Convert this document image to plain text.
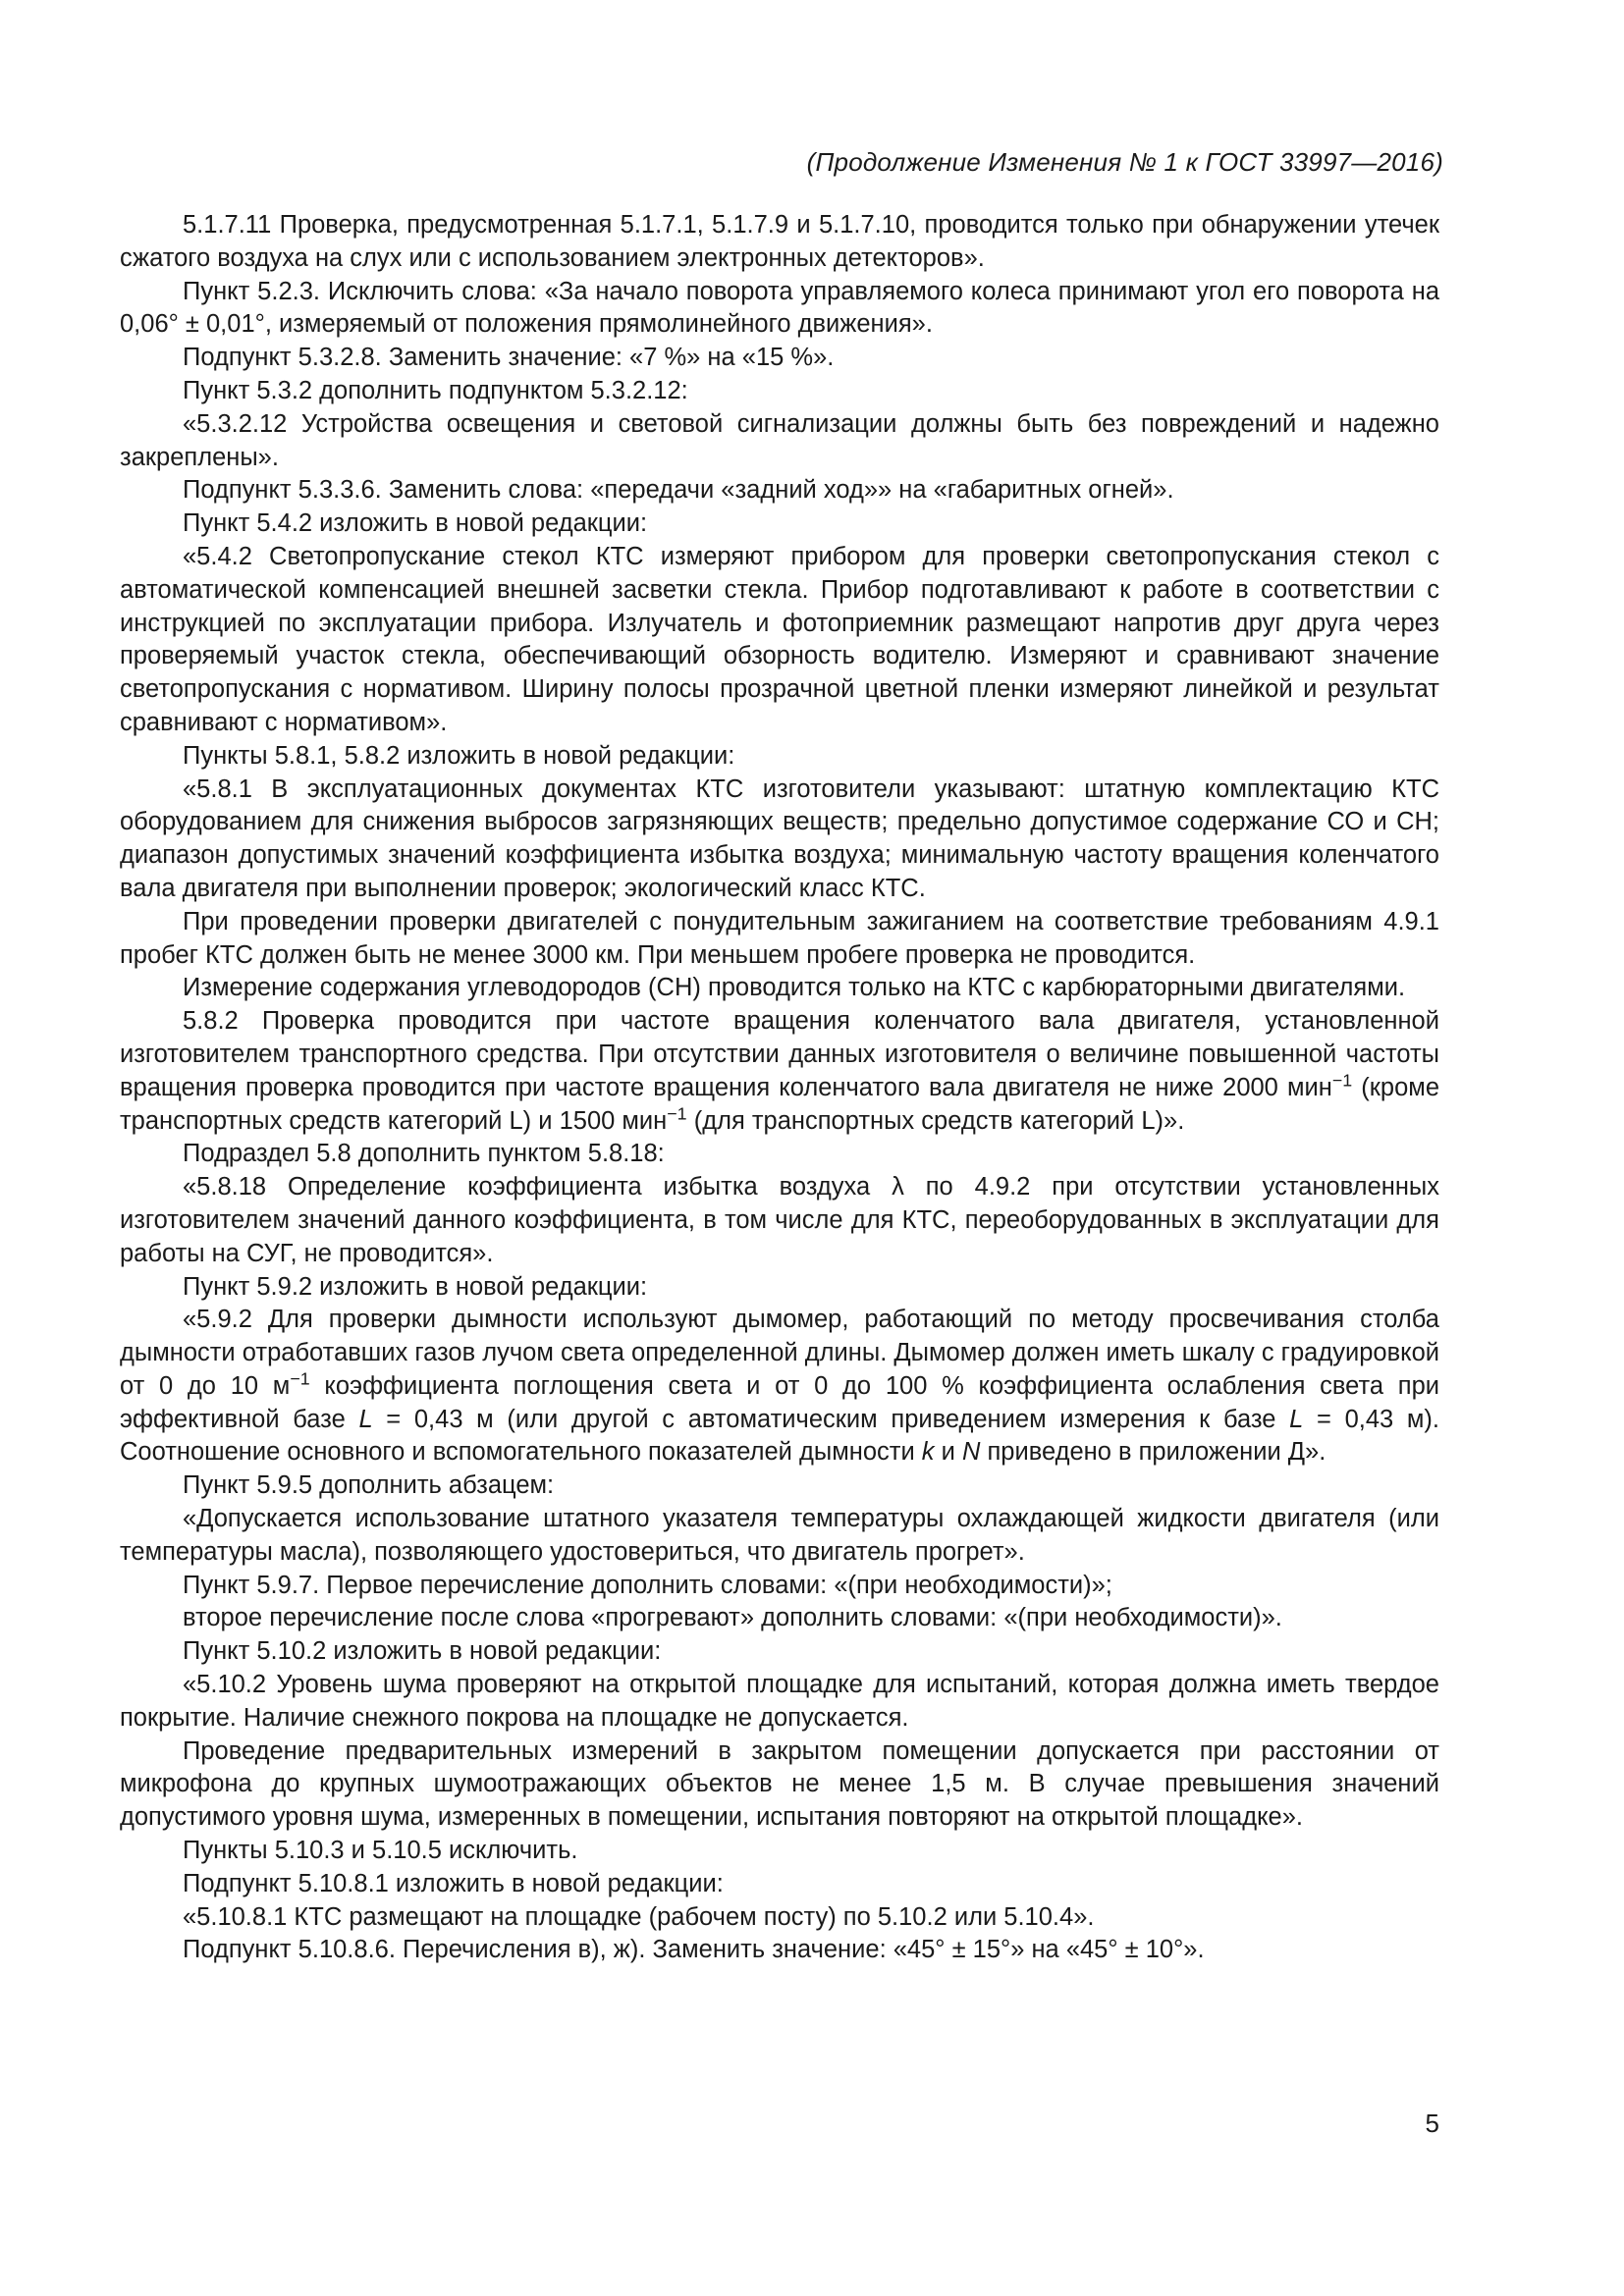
(Продолжение Изменения № 1 к ГОСТ 33997—2016)

5.1.7.11 Проверка, предусмотренная 5.1.7.1, 5.1.7.9 и 5.1.7.10, проводится только при обнаружении утечек сжатого воздуха на слух или с использованием электронных детекторов».

Пункт 5.2.3. Исключить слова: «За начало поворота управляемого колеса принимают угол его поворота на 0,06° ± 0,01°, измеряемый от положения прямолинейного движения».

Подпункт 5.3.2.8. Заменить значение: «7 %» на «15 %».

Пункт 5.3.2 дополнить подпунктом 5.3.2.12:

«5.3.2.12 Устройства освещения и световой сигнализации должны быть без повреждений и надежно закреплены».

Подпункт 5.3.3.6. Заменить слова: «передачи «задний ход»» на «габаритных огней».

Пункт 5.4.2 изложить в новой редакции:

«5.4.2 Светопропускание стекол КТС измеряют прибором для проверки светопропускания стекол с автоматической компенсацией внешней засветки стекла. Прибор подготавливают к работе в соответствии с инструкцией по эксплуатации прибора. Излучатель и фотоприемник размещают напротив друг друга через проверяемый участок стекла, обеспечивающий обзорность водителю. Измеряют и сравнивают значение светопропускания с нормативом. Ширину полосы прозрачной цветной пленки измеряют линейкой и результат сравнивают с нормативом».

Пункты 5.8.1, 5.8.2 изложить в новой редакции:

«5.8.1 В эксплуатационных документах КТС изготовители указывают: штатную комплектацию КТС оборудованием для снижения выбросов загрязняющих веществ; предельно допустимое содержание СО и СН; диапазон допустимых значений коэффициента избытка воздуха; минимальную частоту вращения коленчатого вала двигателя при выполнении проверок; экологический класс КТС.

При проведении проверки двигателей с понудительным зажиганием на соответствие требованиям 4.9.1 пробег КТС должен быть не менее 3000 км. При меньшем пробеге проверка не проводится.

Измерение содержания углеводородов (СН) проводится только на КТС с карбюраторными двигателями.

5.8.2 Проверка проводится при частоте вращения коленчатого вала двигателя, установленной изготовителем транспортного средства. При отсутствии данных изготовителя о величине повышенной частоты вращения проверка проводится при частоте вращения коленчатого вала двигателя не ниже 2000 мин$^{-1}$ (кроме транспортных средств категорий L) и 1500 мин$^{-1}$ (для транспортных средств категорий L)».

Подраздел 5.8 дополнить пунктом 5.8.18:

«5.8.18 Определение коэффициента избытка воздуха λ по 4.9.2 при отсутствии установленных изготовителем значений данного коэффициента, в том числе для КТС, переоборудованных в эксплуатации для работы на СУГ, не проводится».

Пункт 5.9.2 изложить в новой редакции:

«5.9.2 Для проверки дымности используют дымомер, работающий по методу просвечивания столба дымности отработавших газов лучом света определенной длины. Дымомер должен иметь шкалу с градуировкой от 0 до 10 $м^{-1}$ коэффициента поглощения света и от 0 до 100 % коэффициента ослабления света при эффективной базе L = 0,43 м (или другой с автоматическим приведением измерения к базе L = 0,43 м). Соотношение основного и вспомогательного показателей дымности k и N приведено в приложении Д».

Пункт 5.9.5 дополнить абзацем:

«Допускается использование штатного указателя температуры охлаждающей жидкости двигателя (или температуры масла), позволяющего удостовериться, что двигатель прогрет».

Пункт 5.9.7. Первое перечисление дополнить словами: «(при необходимости)»;

второе перечисление после слова «прогревают» дополнить словами: «(при необходимости)».

Пункт 5.10.2 изложить в новой редакции:

«5.10.2 Уровень шума проверяют на открытой площадке для испытаний, которая должна иметь твердое покрытие. Наличие снежного покрова на площадке не допускается.

Проведение предварительных измерений в закрытом помещении допускается при расстоянии от микрофона до крупных шумоотражающих объектов не менее 1,5 м. В случае превышения значений допустимого уровня шума, измеренных в помещении, испытания повторяют на открытой площадке».

Пункты 5.10.3 и 5.10.5 исключить.

Подпункт 5.10.8.1 изложить в новой редакции:

«5.10.8.1 КТС размещают на площадке (рабочем посту) по 5.10.2 или 5.10.4».

Подпункт 5.10.8.6. Перечисления в), ж). Заменить значение: «45° ± 15°» на «45° ± 10°».

5
